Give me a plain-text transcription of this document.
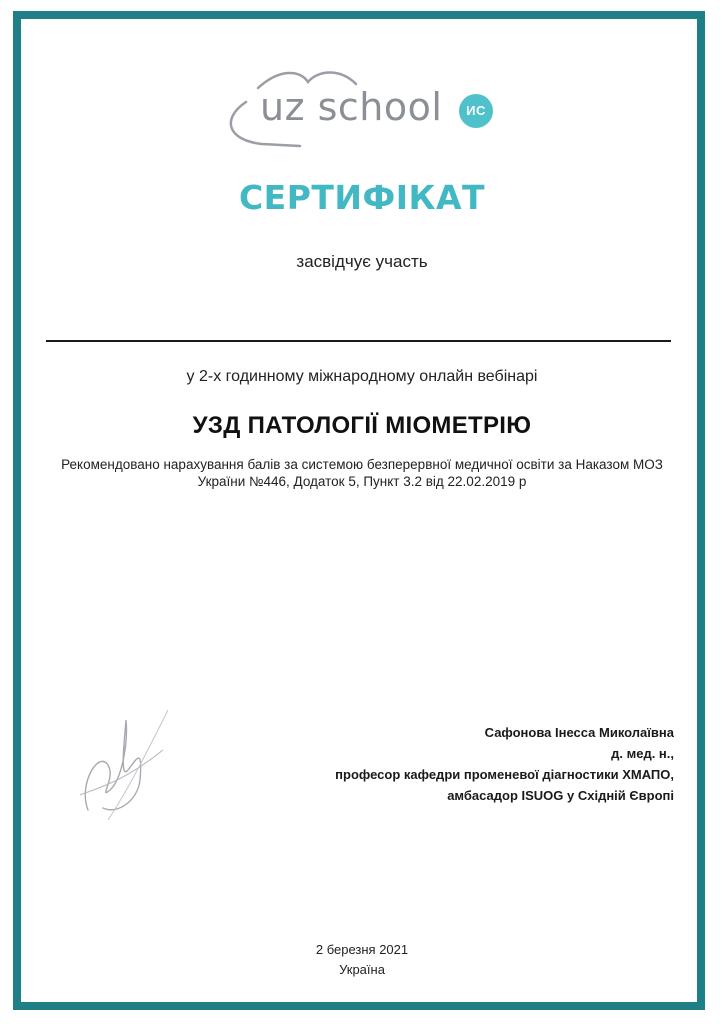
uz school	ИС
СЕРТИФІКАТ
засвідчує участь
у 2-х годинному міжнародному онлайн вебінарі
УЗД ПАТОЛОГІЇ МІОМЕТРІЮ
Рекомендовано нарахування балів за системою безперервної медичної освіти за Наказом МОЗ
України №446, Додаток 5, Пункт 3.2 від 22.02.2019 р
Сафонова Інесса Миколаївна
д. мед. н.,
професор кафедри променевої діагностики ХМАПО,
амбасадор ISUOG у Східній Європі
2 березня 2021
Україна
